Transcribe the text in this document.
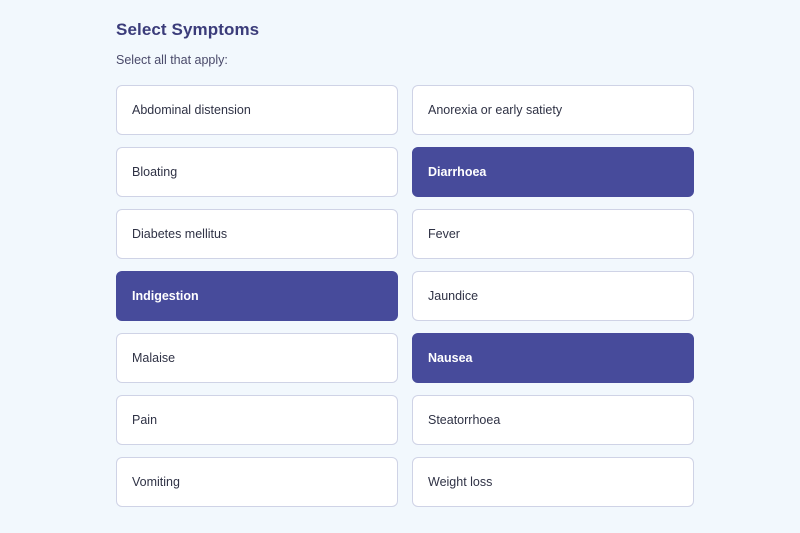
Select Symptoms

Select all that apply:

Abdominal distension	Anorexia or early satiety
Bloating	Diarrhoea
Diabetes mellitus	Fever
Indigestion	Jaundice
Malaise	Nausea
Pain	Steatorrhoea
Vomiting	Weight loss
